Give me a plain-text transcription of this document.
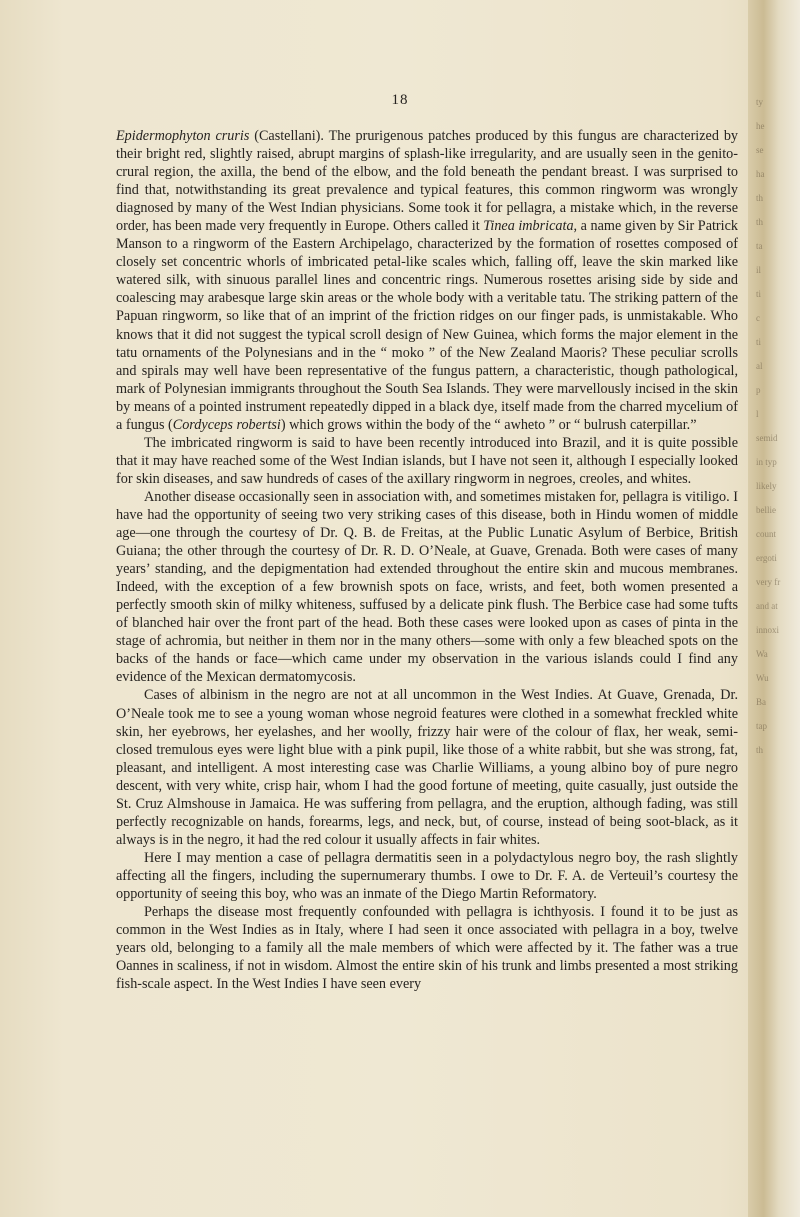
ty
he
se
ha
th
th
ta
il
ti
c
ti
al
p
l
semid
in typ
likely
bellie
count
ergoti
very fr
and at
innoxi
Wa
Wu
Ba
tap
th
18

Epidermophyton cruris (Castellani). The prurigenous patches produced by this fungus are characterized by their bright red, slightly raised, abrupt margins of splash-like irregularity, and are usually seen in the genito-crural region, the axilla, the bend of the elbow, and the fold beneath the pendant breast. I was surprised to find that, notwithstanding its great prevalence and typical features, this common ringworm was wrongly diagnosed by many of the West Indian physicians. Some took it for pellagra, a mistake which, in the reverse order, has been made very frequently in Europe. Others called it Tinea imbricata, a name given by Sir Patrick Manson to a ringworm of the Eastern Archipelago, characterized by the formation of rosettes composed of closely set concentric whorls of imbricated petal-like scales which, falling off, leave the skin marked like watered silk, with sinuous parallel lines and concentric rings. Numerous rosettes arising side by side and coalescing may arabesque large skin areas or the whole body with a veritable tatu. The striking pattern of the Papuan ringworm, so like that of an imprint of the friction ridges on our finger pads, is unmistakable. Who knows that it did not suggest the typical scroll design of New Guinea, which forms the major element in the tatu ornaments of the Polynesians and in the “ moko ” of the New Zealand Maoris? These peculiar scrolls and spirals may well have been representative of the fungus pattern, a characteristic, though pathological, mark of Polynesian immigrants throughout the South Sea Islands. They were marvellously incised in the skin by means of a pointed instrument repeatedly dipped in a black dye, itself made from the charred mycelium of a fungus (Cordyceps robertsi) which grows within the body of the “ awheto ” or “ bulrush caterpillar.”

The imbricated ringworm is said to have been recently introduced into Brazil, and it is quite possible that it may have reached some of the West Indian islands, but I have not seen it, although I especially looked for skin diseases, and saw hundreds of cases of the axillary ringworm in negroes, creoles, and whites.

Another disease occasionally seen in association with, and sometimes mistaken for, pellagra is vitiligo. I have had the opportunity of seeing two very striking cases of this disease, both in Hindu women of middle age—one through the courtesy of Dr. Q. B. de Freitas, at the Public Lunatic Asylum of Berbice, British Guiana; the other through the courtesy of Dr. R. D. O’Neale, at Guave, Grenada. Both were cases of many years’ standing, and the depigmentation had extended throughout the entire skin and mucous membranes. Indeed, with the exception of a few brownish spots on face, wrists, and feet, both women presented a perfectly smooth skin of milky whiteness, suffused by a delicate pink flush. The Berbice case had some tufts of blanched hair over the front part of the head. Both these cases were looked upon as cases of pinta in the stage of achromia, but neither in them nor in the many others—some with only a few bleached spots on the backs of the hands or face—which came under my observation in the various islands could I find any evidence of the Mexican dermatomycosis.

Cases of albinism in the negro are not at all uncommon in the West Indies. At Guave, Grenada, Dr. O’Neale took me to see a young woman whose negroid features were clothed in a somewhat freckled white skin, her eyebrows, her eyelashes, and her woolly, frizzy hair were of the colour of flax, her weak, semi-closed tremulous eyes were light blue with a pink pupil, like those of a white rabbit, but she was strong, fat, pleasant, and intelligent. A most interesting case was Charlie Williams, a young albino boy of pure negro descent, with very white, crisp hair, whom I had the good fortune of meeting, quite casually, just outside the St. Cruz Almshouse in Jamaica. He was suffering from pellagra, and the eruption, although fading, was still perfectly recognizable on hands, forearms, legs, and neck, but, of course, instead of being soot-black, as it always is in the negro, it had the red colour it usually affects in fair whites.

Here I may mention a case of pellagra dermatitis seen in a polydactylous negro boy, the rash slightly affecting all the fingers, including the supernumerary thumbs. I owe to Dr. F. A. de Verteuil’s courtesy the opportunity of seeing this boy, who was an inmate of the Diego Martin Reformatory.

Perhaps the disease most frequently confounded with pellagra is ichthyosis. I found it to be just as common in the West Indies as in Italy, where I had seen it once associated with pellagra in a boy, twelve years old, belonging to a family all the male members of which were affected by it. The father was a true Oannes in scaliness, if not in wisdom. Almost the entire skin of his trunk and limbs presented a most striking fish-scale aspect. In the West Indies I have seen every
